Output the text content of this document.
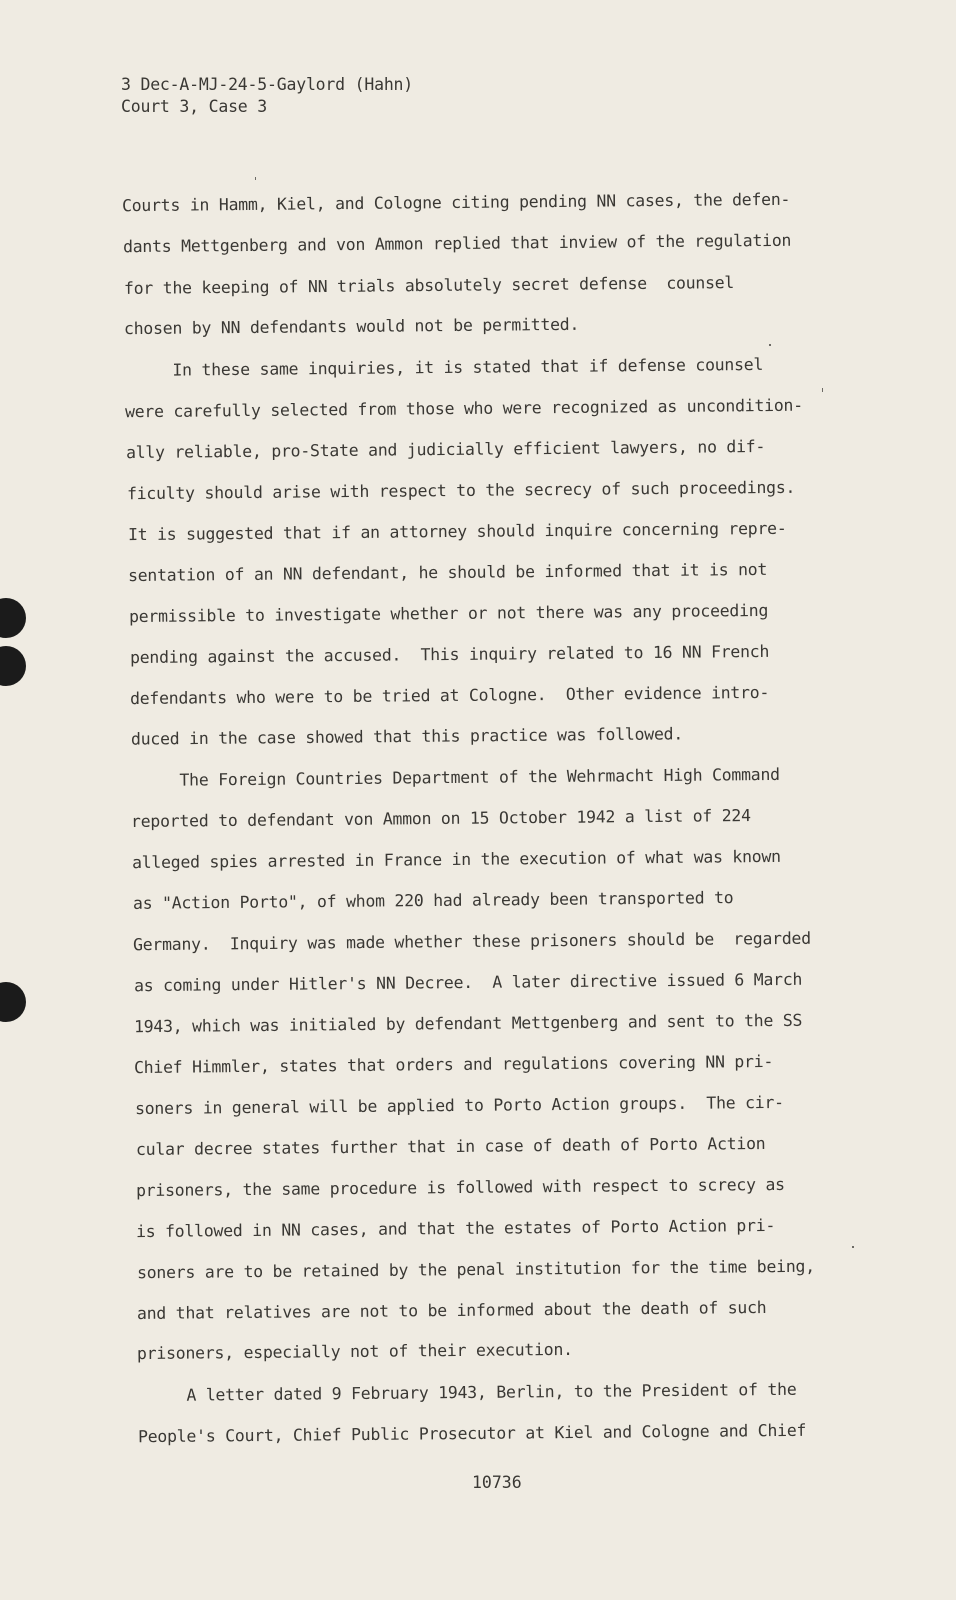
3 Dec-A-MJ-24-5-Gaylord (Hahn)
Court 3, Case 3
Courts in Hamm, Kiel, and Cologne citing pending NN cases, the defen-
dants Mettgenberg and von Ammon replied that inview of the regulation
for the keeping of NN trials absolutely secret defense  counsel
chosen by NN defendants would not be permitted.
In these same inquiries, it is stated that if defense counsel
were carefully selected from those who were recognized as uncondition-
ally reliable, pro-State and judicially efficient lawyers, no dif-
ficulty should arise with respect to the secrecy of such proceedings.
It is suggested that if an attorney should inquire concerning repre-
sentation of an NN defendant, he should be informed that it is not
permissible to investigate whether or not there was any proceeding
pending against the accused.  This inquiry related to 16 NN French
defendants who were to be tried at Cologne.  Other evidence intro-
duced in the case showed that this practice was followed.
The Foreign Countries Department of the Wehrmacht High Command
reported to defendant von Ammon on 15 October 1942 a list of 224
alleged spies arrested in France in the execution of what was known
as "Action Porto", of whom 220 had already been transported to
Germany.  Inquiry was made whether these prisoners should be  regarded
as coming under Hitler's NN Decree.  A later directive issued 6 March
1943, which was initialed by defendant Mettgenberg and sent to the SS
Chief Himmler, states that orders and regulations covering NN pri-
soners in general will be applied to Porto Action groups.  The cir-
cular decree states further that in case of death of Porto Action
prisoners, the same procedure is followed with respect to screcy as
is followed in NN cases, and that the estates of Porto Action pri-
soners are to be retained by the penal institution for the time being,
and that relatives are not to be informed about the death of such
prisoners, especially not of their execution.
A letter dated 9 February 1943, Berlin, to the President of the
People's Court, Chief Public Prosecutor at Kiel and Cologne and Chief
10736
